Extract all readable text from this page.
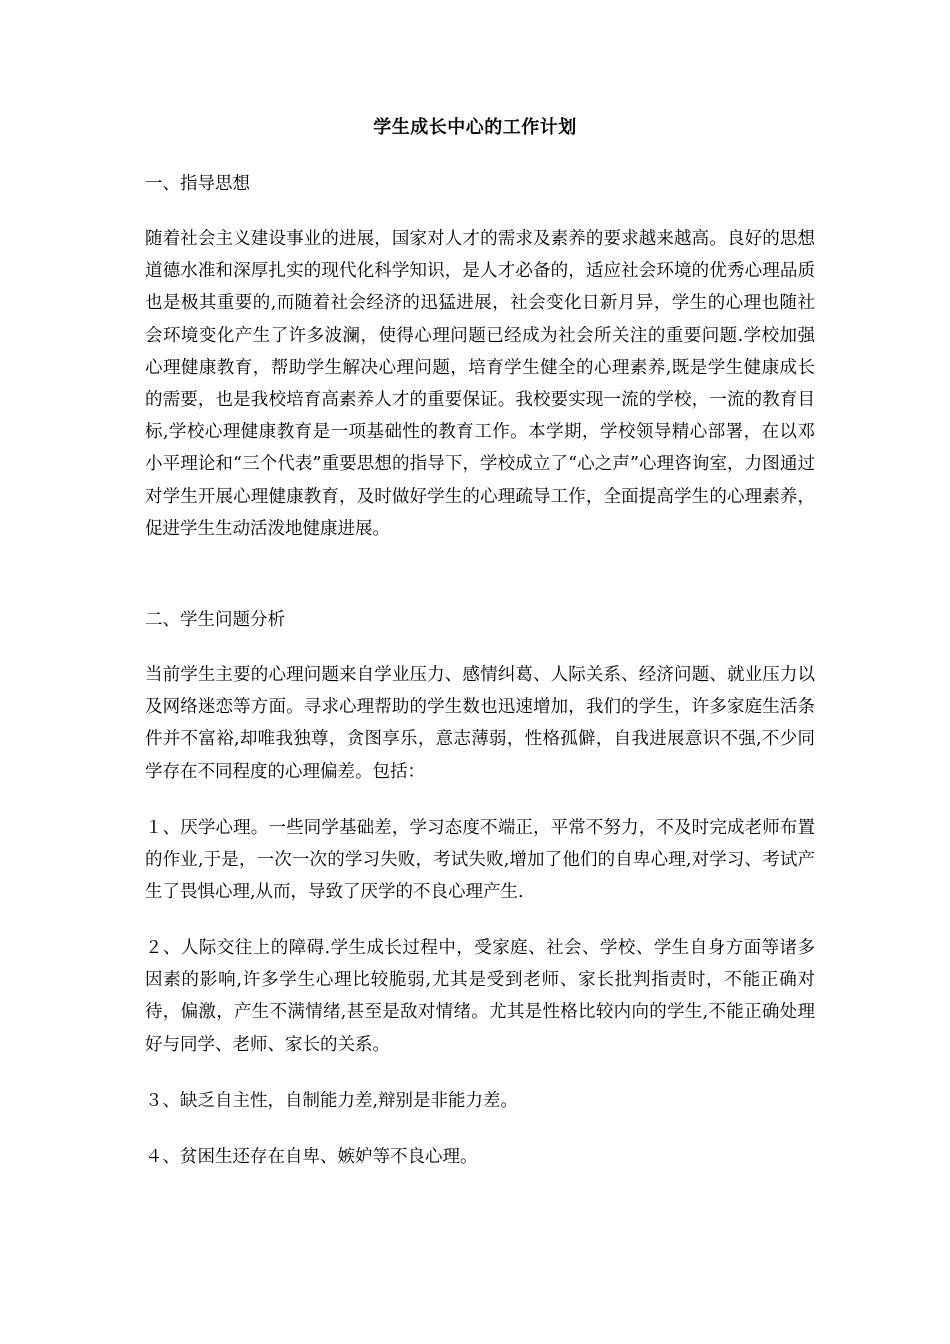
学生成长中心的工作计划
一、指导思想
随着社会主义建设事业的进展，国家对人才的需求及素养的要求越来越高。良好的思想道德水准和深厚扎实的现代化科学知识，是人才必备的，适应社会环境的优秀心理品质也是极其重要的,而随着社会经济的迅猛进展，社会变化日新月异，学生的心理也随社会环境变化产生了许多波澜，使得心理问题已经成为社会所关注的重要问题.学校加强心理健康教育，帮助学生解决心理问题，培育学生健全的心理素养,既是学生健康成长的需要，也是我校培育高素养人才的重要保证。我校要实现一流的学校，一流的教育目标,学校心理健康教育是一项基础性的教育工作。本学期，学校领导精心部署，在以邓小平理论和“三个代表”重要思想的指导下，学校成立了“心之声”心理咨询室，力图通过对学生开展心理健康教育，及时做好学生的心理疏导工作，全面提高学生的心理素养，促进学生生动活泼地健康进展。
二、学生问题分析
当前学生主要的心理问题来自学业压力、感情纠葛、人际关系、经济问题、就业压力以及网络迷恋等方面。寻求心理帮助的学生数也迅速增加，我们的学生，许多家庭生活条件并不富裕,却唯我独尊，贪图享乐，意志薄弱，性格孤僻，自我进展意识不强,不少同学存在不同程度的心理偏差。包括：
１、厌学心理。一些同学基础差，学习态度不端正，平常不努力，不及时完成老师布置的作业,于是，一次一次的学习失败，考试失败,增加了他们的自卑心理,对学习、考试产生了畏惧心理,从而，导致了厌学的不良心理产生.
２、人际交往上的障碍.学生成长过程中，受家庭、社会、学校、学生自身方面等诸多因素的影响,许多学生心理比较脆弱,尤其是受到老师、家长批判指责时，不能正确对待，偏激，产生不满情绪,甚至是敌对情绪。尤其是性格比较内向的学生,不能正确处理好与同学、老师、家长的关系。
３、缺乏自主性，自制能力差,辩别是非能力差。
４、贫困生还存在自卑、嫉妒等不良心理。
